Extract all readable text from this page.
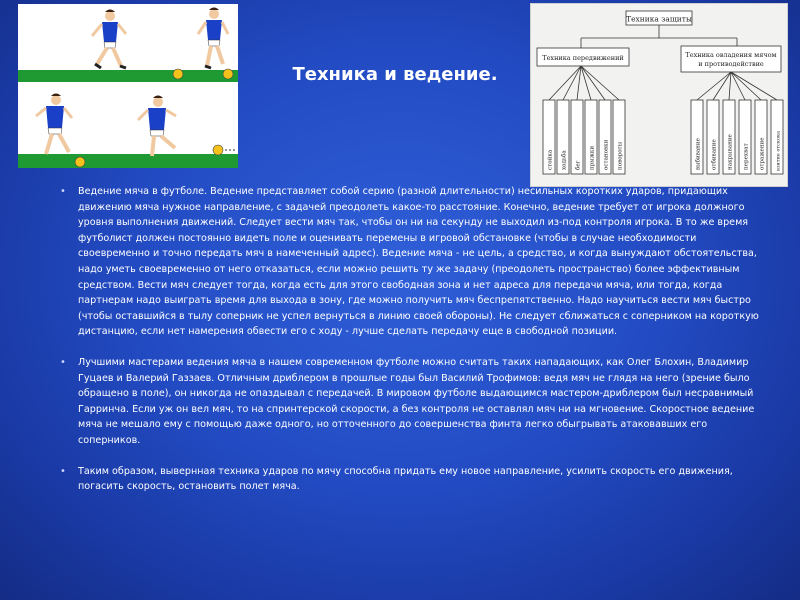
Техника защиты
Техника передвижений	Техника овладения мячом
и противодействие
стойка ходьба бег прыжки остановки повороты	выбивание отбивание накрывание перехват отражение взятие отскока
Техника и ведение.

• Ведение мяча в футболе. Ведение представляет собой серию (разной длительности) несильных коротких ударов, придающих движению мяча нужное направление, с задачей преодолеть какое-то расстояние. Конечно, ведение требует от игрока должного уровня выполнения движений. Следует вести мяч так, чтобы он ни на секунду не выходил из-под контроля игрока. В то же время футболист должен постоянно видеть поле и оценивать перемены в игровой обстановке (чтобы в случае необходимости своевременно и точно передать мяч в намеченный адрес). Ведение мяча - не цель, а средство, и когда вынуждают обстоятельства, надо уметь своевременно от него отказаться, если можно решить ту же задачу (преодолеть пространство) более эффективным средством. Вести мяч следует тогда, когда есть для этого свободная зона и нет адреса для передачи мяча, или тогда, когда партнерам надо выиграть время для выхода в зону, где можно получить мяч беспрепятственно. Надо научиться вести мяч быстро (чтобы оставшийся в тылу соперник не успел вернуться в линию своей обороны). Не следует сближаться с соперником на короткую дистанцию, если нет намерения обвести его с ходу - лучше сделать передачу еще в свободной позиции.

• Лучшими мастерами ведения мяча в нашем современном футболе можно считать таких нападающих, как Олег Блохин, Владимир Гуцаев и Валерий Газзаев. Отличным дриблером в прошлые годы был Василий Трофимов: ведя мяч не глядя на него (зрение было обращено в поле), он никогда не опаздывал с передачей. В мировом футболе выдающимся мастером-дриблером был несравнимый Гарринча. Если уж он вел мяч, то на спринтерской скорости, а без контроля не оставлял мяч ни на мгновение. Скоростное ведение мяча не мешало ему с помощью даже одного, но отточенного до совершенства финта легко обыгрывать атаковавших его соперников.

• Таким образом, вывернная техника ударов по мячу способна придать ему новое направление, усилить скорость его движения, погасить скорость, остановить полет мяча.
